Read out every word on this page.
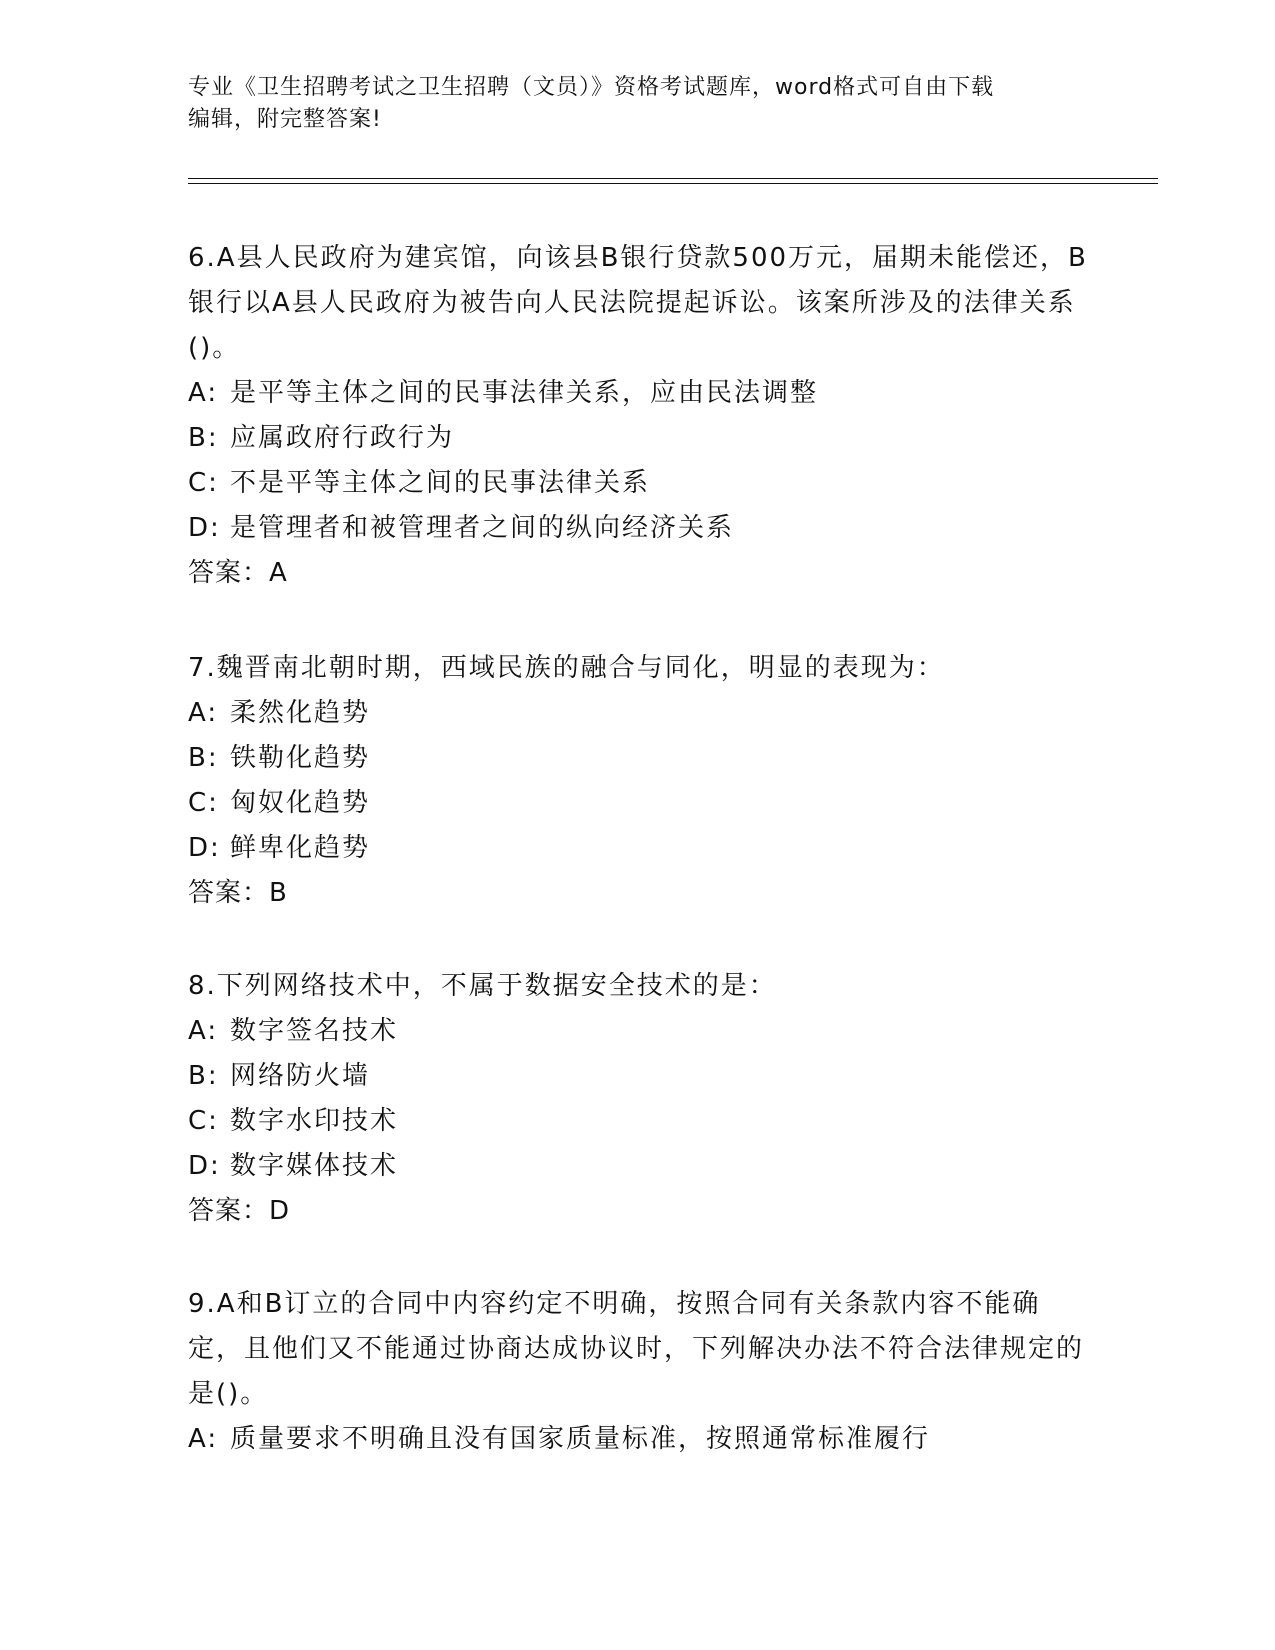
专业《卫生招聘考试之卫生招聘（文员）》资格考试题库，word格式可自由下载
编辑，附完整答案!

6.A县人民政府为建宾馆，向该县B银行贷款500万元，届期未能偿还，B银行以A县人民政府为被告向人民法院提起诉讼。该案所涉及的法律关系()。

A: 是平等主体之间的民事法律关系，应由民法调整

B: 应属政府行政行为

C: 不是平等主体之间的民事法律关系

D: 是管理者和被管理者之间的纵向经济关系

答案：A

7.魏晋南北朝时期，西域民族的融合与同化，明显的表现为：

A: 柔然化趋势

B: 铁勒化趋势

C: 匈奴化趋势

D: 鲜卑化趋势

答案：B

8.下列网络技术中，不属于数据安全技术的是：

A: 数字签名技术

B: 网络防火墙

C: 数字水印技术

D: 数字媒体技术

答案：D

9.A和B订立的合同中内容约定不明确，按照合同有关条款内容不能确定，且他们又不能通过协商达成协议时，下列解决办法不符合法律规定的是()。

A: 质量要求不明确且没有国家质量标准，按照通常标准履行
